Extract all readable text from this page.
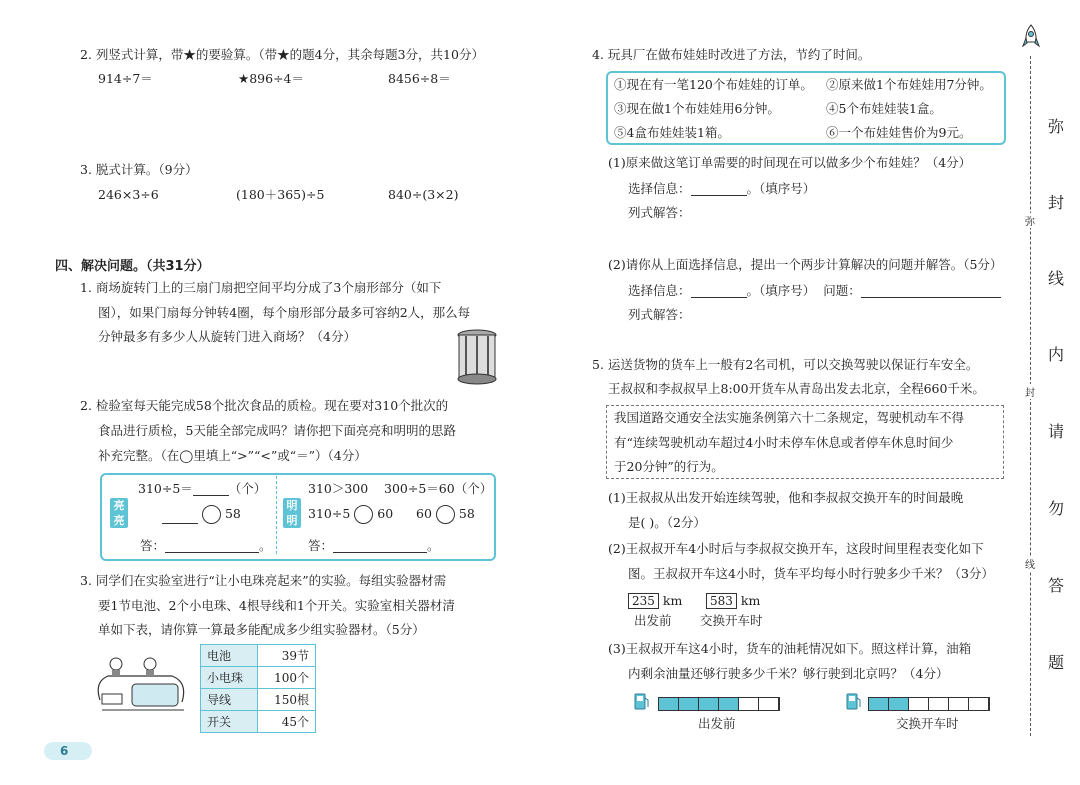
2. 列竖式计算，带★的要验算。（带★的题4分，其余每题3分，共10分）
914÷7＝	★896÷4＝	8456÷8＝
3. 脱式计算。（9分）
246×3÷6	(180＋365)÷5	840÷(3×2)
四、解决问题。（共31分）
1. 商场旋转门上的三扇门扇把空间平均分成了3个扇形部分（如下
图），如果门扇每分钟转4圈，每个扇形部分最多可容纳2人，那么每
分钟最多有多少人从旋转门进入商场？（4分）
2. 检验室每天能完成58个批次食品的质检。现在要对310个批次的
食品进行质检，5天能全部完成吗？请你把下面亮亮和明明的思路
补充完整。（在◯里填上“>”“<”或“＝”）（4分）
亮亮
明明
310÷5＝	（个）
58
答：	。
310＞300 300÷5＝60（个）
310÷5 60 60 58
答：	。
3. 同学们在实验室进行“让小电珠亮起来”的实验。每组实验器材需
要1节电池、2个小电珠、4根导线和1个开关。实验室相关器材清
单如下表，请你算一算最多能配成多少组实验器材。（5分）
电池	39节
小电珠	100个
导线	150根
开关	45个
6
4. 玩具厂在做布娃娃时改进了方法，节约了时间。
①现在有一笔120个布娃娃的订单。 ②原来做1个布娃娃用7分钟。
③现在做1个布娃娃用6分钟。	④5个布娃娃装1盒。
⑤4盒布娃娃装1箱。	⑥一个布娃娃售价为9元。
(1)原来做这笔订单需要的时间现在可以做多少个布娃娃？（4分）
选择信息：	。（填序号）
列式解答：
(2)请你从上面选择信息，提出一个两步计算解决的问题并解答。（5分）
选择信息：	。（填序号） 问题：
列式解答：
5. 运送货物的货车上一般有2名司机，可以交换驾驶以保证行车安全。
王叔叔和李叔叔早上8:00开货车从青岛出发去北京，全程660千米。
我国道路交通安全法实施条例第六十二条规定，驾驶机动车不得
有“连续驾驶机动车超过4小时未停车休息或者停车休息时间少
于20分钟”的行为。
(1)王叔叔从出发开始连续驾驶，他和李叔叔交换开车的时间最晚
是( )。（2分）
(2)王叔叔开车4小时后与李叔叔交换开车，这段时间里程表变化如下
图。王叔叔开车这4小时，货车平均每小时行驶多少千米？（3分）
235 km	583 km
出发前 交换开车时
(3)王叔叔开车这4小时，货车的油耗情况如下。照这样计算，油箱
内剩余油量还够行驶多少千米？够行驶到北京吗？（4分）
出发前	交换开车时
弥
封
线
弥
封
线
内
请
勿
答
题
